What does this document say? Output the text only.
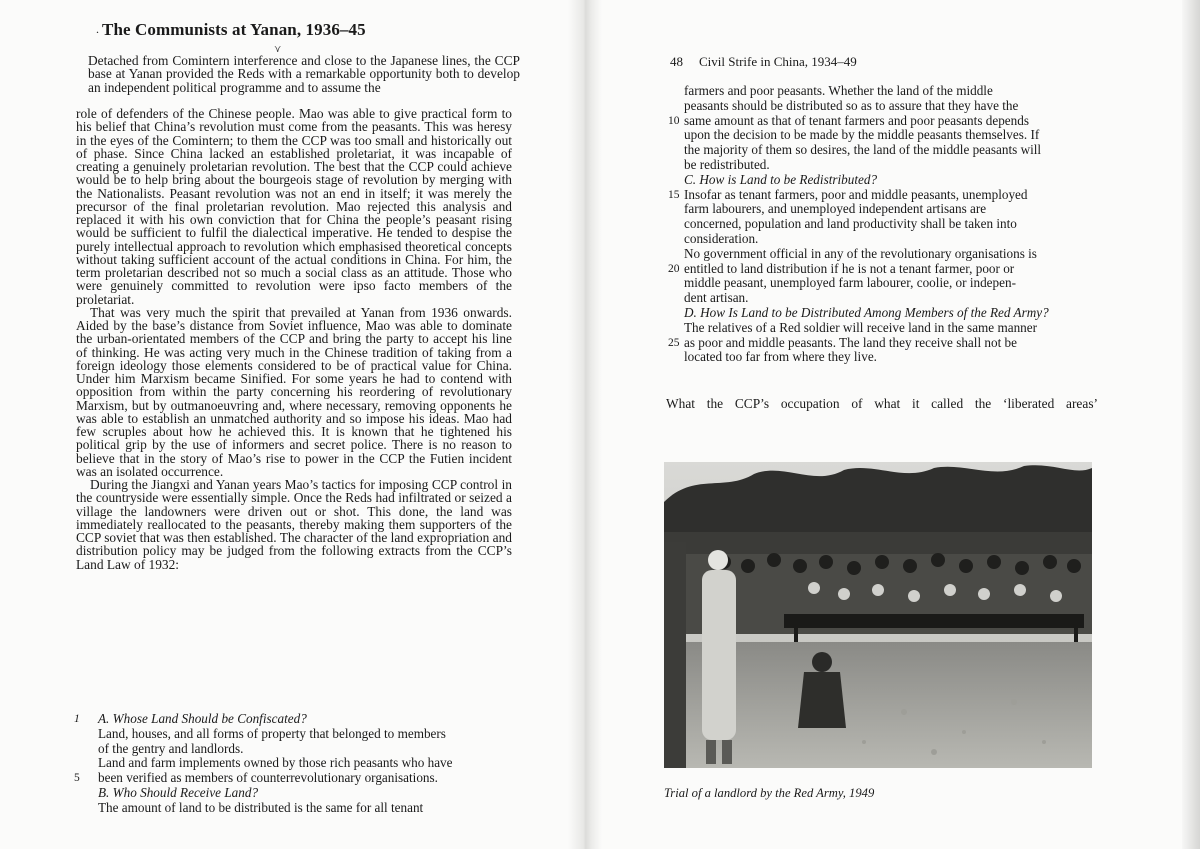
. The Communists at Yanan, 1936–45
⋎

Detached from Comintern interference and close to the Japanese lines, the CCP base at Yanan provided the Reds with a remarkable opportunity both to develop an independent political programme and to assume the

role of defenders of the Chinese people. Mao was able to give practical form to his belief that China’s revolution must come from the peasants. This was heresy in the eyes of the Comintern; to them the CCP was too small and historically out of phase. Since China lacked an established proletariat, it was incapable of creating a genuinely proletarian revolution. The best that the CCP could achieve would be to help bring about the bourgeois stage of revolution by merging with the Nationalists. Peasant revolution was not an end in itself; it was merely the precursor of the final proletarian revolution. Mao rejected this analysis and replaced it with his own conviction that for China the people’s peasant rising would be sufficient to fulfil the dialectical imperative. He tended to despise the purely intellectual approach to revolution which emphasised theoretical concepts without taking sufficient account of the actual conditions in China. For him, the term proletarian described not so much a social class as an attitude. Those who were genuinely committed to revolution were ipso facto members of the proletariat.

That was very much the spirit that prevailed at Yanan from 1936 onwards. Aided by the base’s distance from Soviet influence, Mao was able to dominate the urban-orientated members of the CCP and bring the party to accept his line of thinking. He was acting very much in the Chinese tradition of taking from a foreign ideology those elements considered to be of practical value for China. Under him Marxism became Sinified. For some years he had to contend with opposition from within the party concerning his reordering of revolutionary Marxism, but by outmanoeuvring and, where necessary, removing opponents he was able to establish an unmatched authority and so impose his ideas. Mao had few scruples about how he achieved this. It is known that he tightened his political grip by the use of informers and secret police. There is no reason to believe that in the story of Mao’s rise to power in the CCP the Futien incident was an isolated occurrence.

During the Jiangxi and Yanan years Mao’s tactics for imposing CCP control in the countryside were essentially simple. Once the Reds had infiltrated or seized a village the landowners were driven out or shot. This done, the land was immediately reallocated to the peasants, thereby making them supporters of the CCP soviet that was then established. The character of the land expropriation and distribution policy may be judged from the following extracts from the CCP’s Land Law of 1932:

1	A. Whose Land Should be Confiscated?
Land, houses, and all forms of property that belonged to members
of the gentry and landlords.
Land and farm implements owned by those rich peasants who have
5	been verified as members of counterrevolutionary organisations.
B. Who Should Receive Land?
The amount of land to be distributed is the same for all tenant
48 Civil Strife in China, 1934–49
farmers and poor peasants. Whether the land of the middle
peasants should be distributed so as to assure that they have the
10 same amount as that of tenant farmers and poor peasants depends
upon the decision to be made by the middle peasants themselves. If
the majority of them so desires, the land of the middle peasants will
be redistributed.
C. How is Land to be Redistributed?
15 Insofar as tenant farmers, poor and middle peasants, unemployed
farm labourers, and unemployed independent artisans are
concerned, population and land productivity shall be taken into
consideration.
No government official in any of the revolutionary organisations is
20 entitled to land distribution if he is not a tenant farmer, poor or
middle peasant, unemployed farm labourer, coolie, or indepen-
dent artisan.
D. How Is Land to be Distributed Among Members of the Red Army?
The relatives of a Red soldier will receive land in the same manner
25 as poor and middle peasants. The land they receive shall not be
located too far from where they live.
What the CCP’s occupation of what it called the ‘liberated areas’
Trial of a landlord by the Red Army, 1949
